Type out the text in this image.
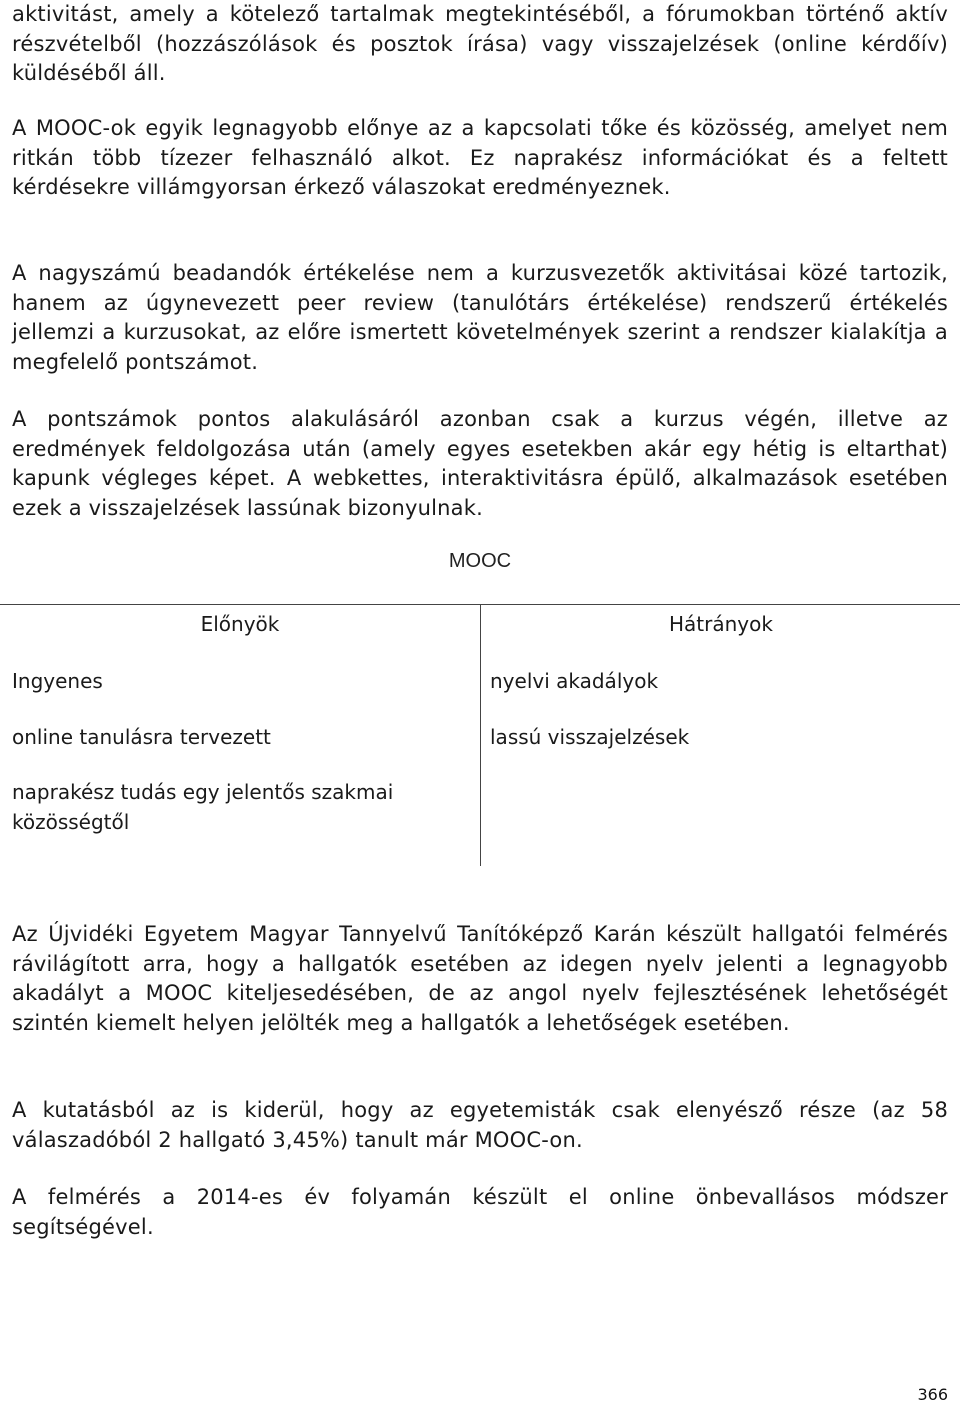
aktivitást, amely a kötelező tartalmak megtekintéséből, a fórumokban történő aktív részvételből (hozzászólások és posztok írása) vagy visszajelzések (online kérdőív) küldéséből áll.

A MOOC-ok egyik legnagyobb előnye az a kapcsolati tőke és közösség, amelyet nem ritkán több tízezer felhasználó alkot. Ez naprakész információkat és a feltett kérdésekre villámgyorsan érkező válaszokat eredményeznek.

A nagyszámú beadandók értékelése nem a kurzusvezetők aktivitásai közé tartozik, hanem az úgynevezett peer review (tanulótárs értékelése) rendszerű értékelés jellemzi a kurzusokat, az előre ismertett követelmények szerint a rendszer kialakítja a megfelelő pontszámot.

A pontszámok pontos alakulásáról azonban csak a kurzus végén, illetve az eredmények feldolgozása után (amely egyes esetekben akár egy hétig is eltarthat) kapunk végleges képet. A webkettes, interaktivitásra épülő, alkalmazások esetében ezek a visszajelzések lassúnak bizonyulnak.

Az Újvidéki Egyetem Magyar Tannyelvű Tanítóképző Karán készült hallgatói felmérés rávilágított arra, hogy a hallgatók esetében az idegen nyelv jelenti a legnagyobb akadályt a MOOC kiteljesedésében, de az angol nyelv fejlesztésének lehetőségét szintén kiemelt helyen jelölték meg a hallgatók a lehetőségek esetében.

A kutatásból az is kiderül, hogy az egyetemisták csak elenyésző része (az 58 válaszadóból 2 hallgató 3,45%) tanult már MOOC-on.

A felmérés a 2014-es év folyamán készült el online önbevallásos módszer segítségével.

MOOC
Előnyök	Hátrányok
Ingyenes
online tanulásra tervezett
naprakész tudás egy jelentős szakmai közösségtől
nyelvi akadályok
lassú visszajelzések
366
